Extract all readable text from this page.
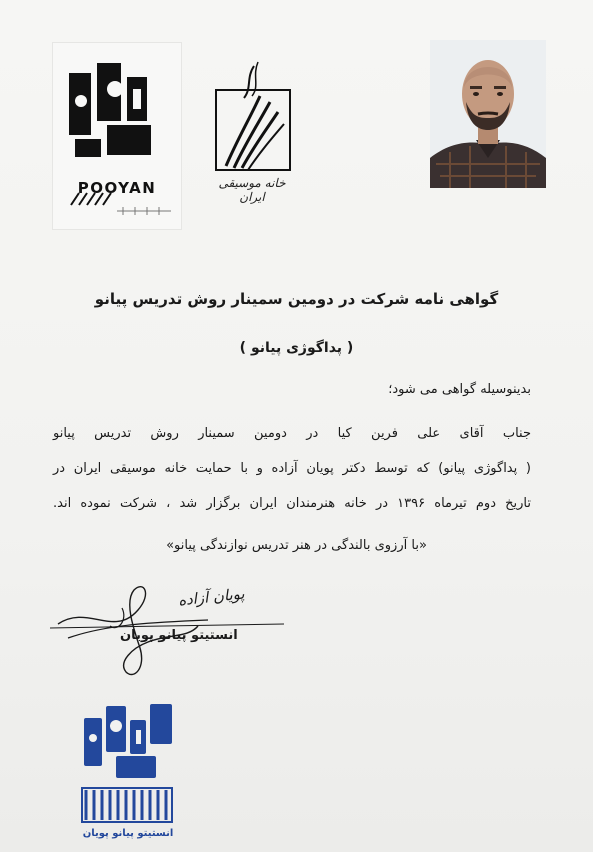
POOYAN	خانه موسیقی ایران
گواهی نامه شرکت در دومین سمینار روش تدریس پیانو
( پداگوژی پیانو )
بدینوسیله گواهی می شود؛
جناب آقای علی فرین کیا در دومین سمینار روش تدریس پیانو
( پداگوژی پیانو) که توسط دکتر پویان آزاده و با حمایت خانه موسیقی ایران در
تاریخ دوم تیرماه ۱۳۹۶ در خانه هنرمندان ایران برگزار شد ، شرکت نموده اند.
«با آرزوی بالندگی در هنر تدریس نوازندگی پیانو»
پویان آزاده
انستیتو پیانو پویان
انستیتو پیانو پویان
